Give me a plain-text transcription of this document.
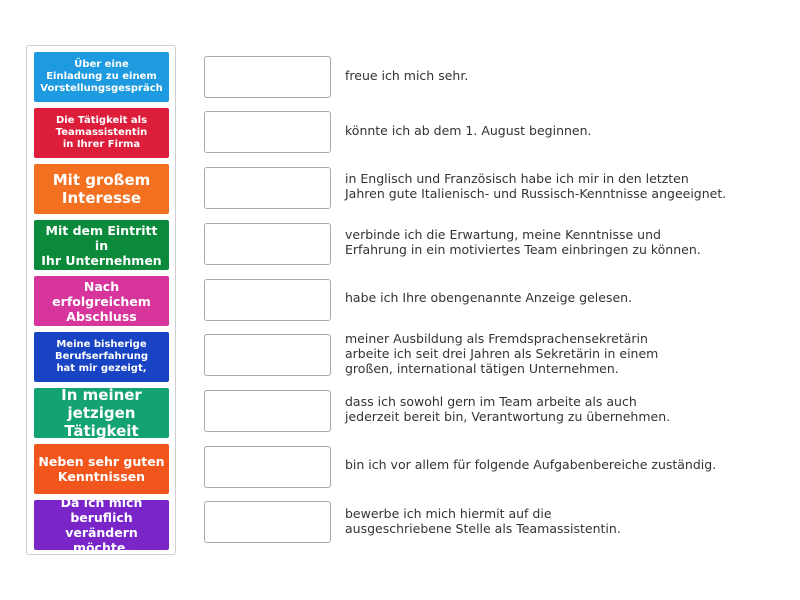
Über eine
Einladung zu einem
Vorstellungsgespräch
Die Tätigkeit als
Teamassistentin
in Ihrer Firma
Mit großem
Interesse
Mit dem Eintritt in
Ihr Unternehmen
Nach erfolgreichem
Abschluss
Meine bisherige
Berufserfahrung
hat mir gezeigt,
In meiner
jetzigen Tätigkeit
Neben sehr guten
Kenntnissen
Da ich mich beruflich
verändern möchte,
freue ich mich sehr.
könnte ich ab dem 1. August beginnen.
in Englisch und Französisch habe ich mir in den letzten
Jahren gute Italienisch- und Russisch-Kenntnisse angeeignet.
verbinde ich die Erwartung, meine Kenntnisse und
Erfahrung in ein motiviertes Team einbringen zu können.
habe ich Ihre obengenannte Anzeige gelesen.
meiner Ausbildung als Fremdsprachensekretärin
arbeite ich seit drei Jahren als Sekretärin in einem
großen, international tätigen Unternehmen.
dass ich sowohl gern im Team arbeite als auch
jederzeit bereit bin, Verantwortung zu übernehmen.
bin ich vor allem für folgende Aufgabenbereiche zuständig.
bewerbe ich mich hiermit auf die
ausgeschriebene Stelle als Teamassistentin.
